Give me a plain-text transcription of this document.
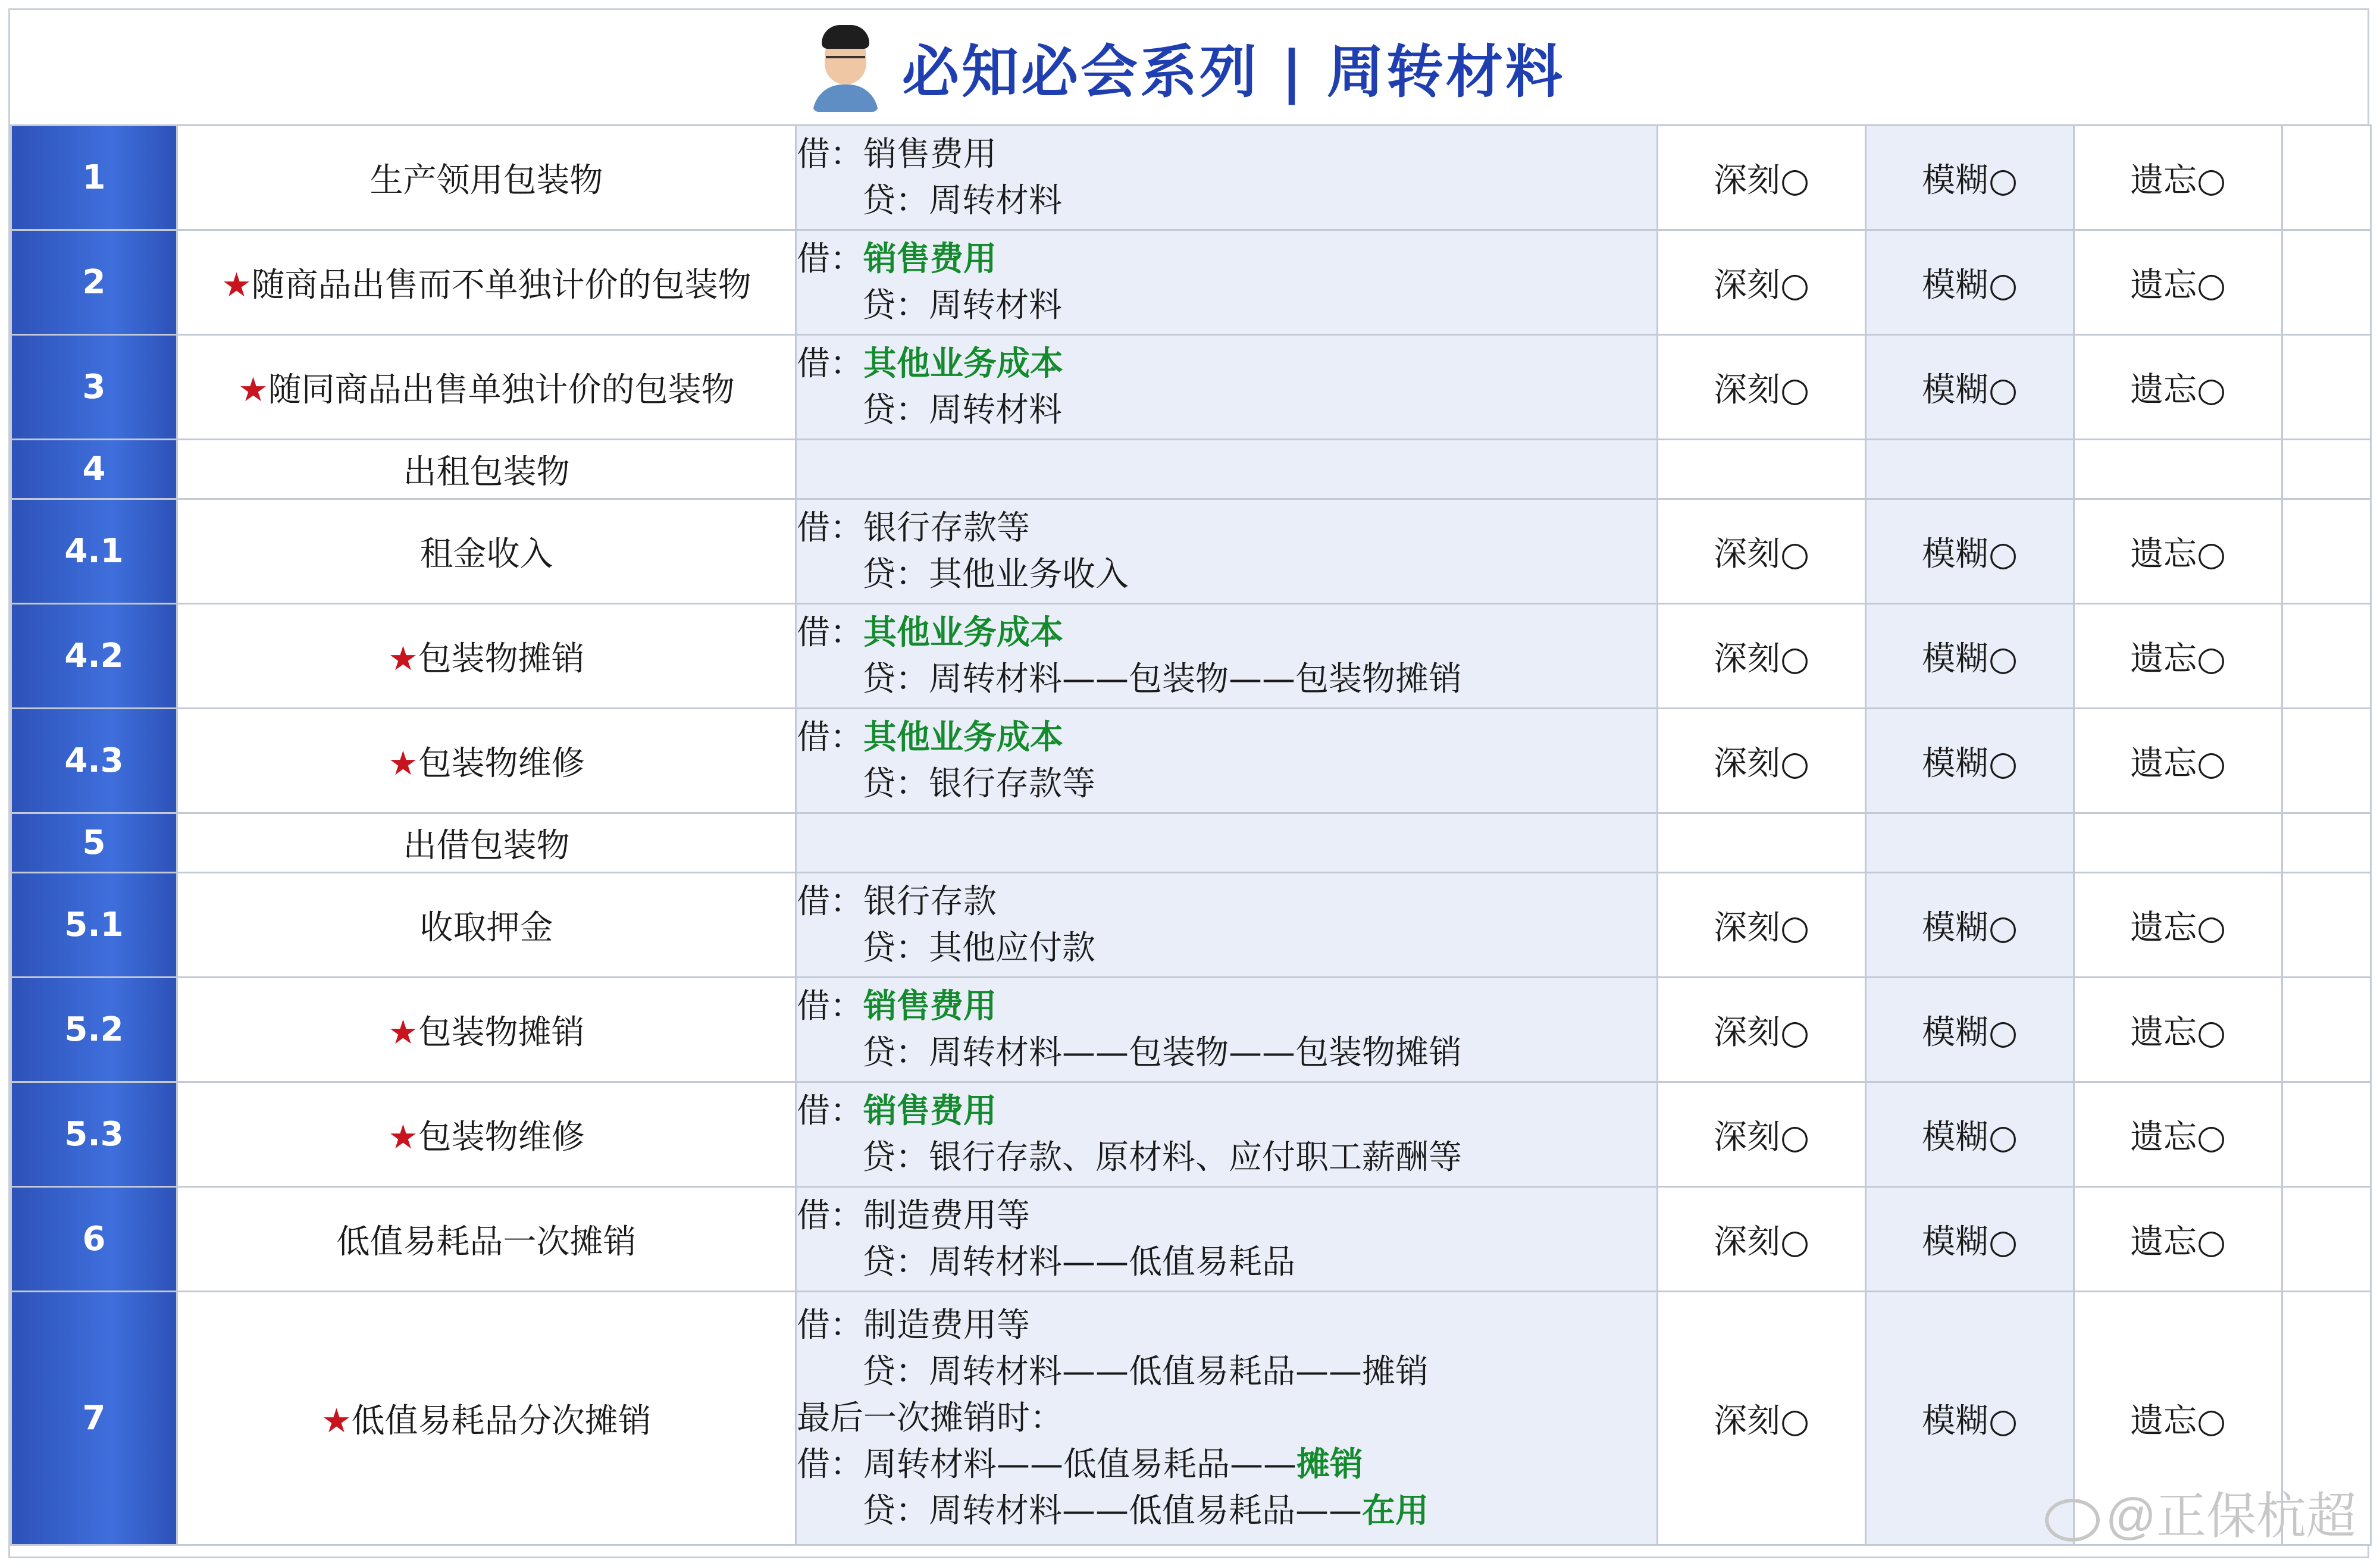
必知必会系列 | 周转材料
1	生产领用包装物	借：销售费用
贷：周转材料	深刻○	模糊○	遗忘○	
2	★随商品出售而不单独计价的包装物	借：销售费用
贷：周转材料	深刻○	模糊○	遗忘○	
3	★随同商品出售单独计价的包装物	借：其他业务成本
贷：周转材料	深刻○	模糊○	遗忘○	
4	出租包装物					
4.1	租金收入	借：银行存款等
贷：其他业务收入	深刻○	模糊○	遗忘○	
4.2	★包装物摊销	借：其他业务成本
贷：周转材料——包装物——包装物摊销	深刻○	模糊○	遗忘○	
4.3	★包装物维修	借：其他业务成本
贷：银行存款等	深刻○	模糊○	遗忘○	
5	出借包装物					
5.1	收取押金	借：银行存款
贷：其他应付款	深刻○	模糊○	遗忘○	
5.2	★包装物摊销	借：销售费用
贷：周转材料——包装物——包装物摊销	深刻○	模糊○	遗忘○	
5.3	★包装物维修	借：销售费用
贷：银行存款、原材料、应付职工薪酬等	深刻○	模糊○	遗忘○	
6	低值易耗品一次摊销	借：制造费用等
贷：周转材料——低值易耗品	深刻○	模糊○	遗忘○	
7	★低值易耗品分次摊销	借：制造费用等
贷：周转材料——低值易耗品——摊销
最后一次摊销时：
借：周转材料——低值易耗品——摊销
贷：周转材料——低值易耗品——在用	深刻○	模糊○	遗忘○	
@正保杭超
